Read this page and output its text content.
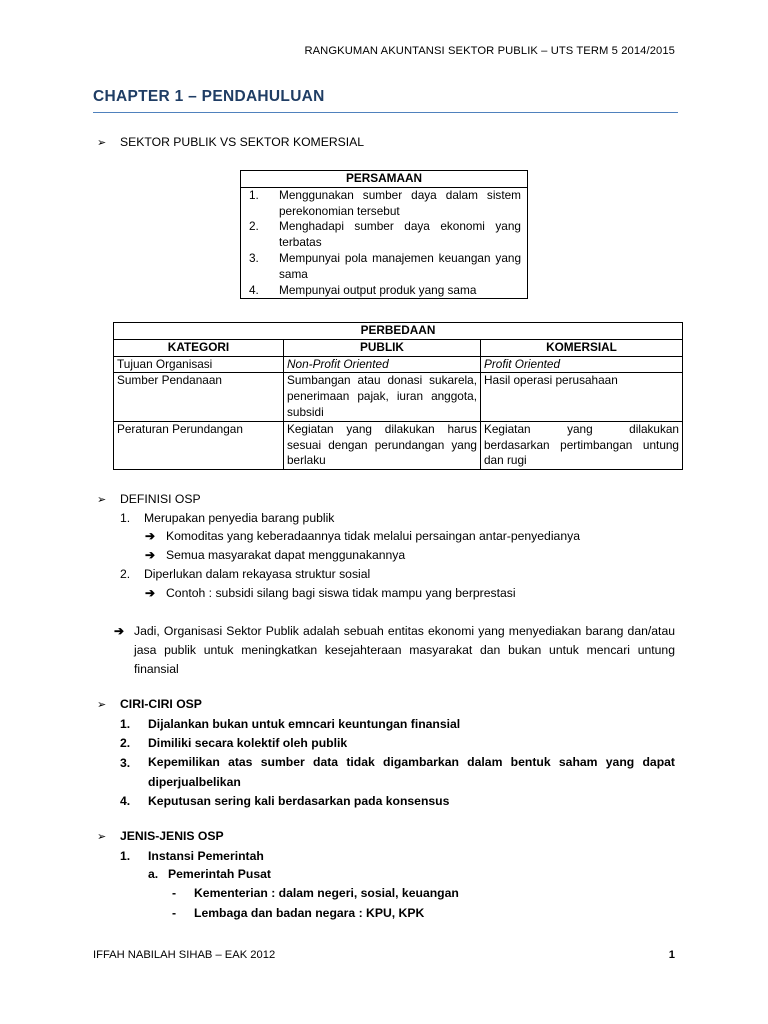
RANGKUMAN AKUNTANSI SEKTOR PUBLIK – UTS TERM 5 2014/2015
CHAPTER 1 – PENDAHULUAN
➢ SEKTOR PUBLIK VS SEKTOR KOMERSIAL
PERSAMAAN	
1.	Menggunakan sumber daya dalam sistem perekonomian tersebut
2.	Menghadapi sumber daya ekonomi yang terbatas
3.	Mempunyai pola manajemen keuangan yang sama
4.	Mempunyai output produk yang sama
PERBEDAAN		
KATEGORI	PUBLIK	KOMERSIAL
Tujuan Organisasi	Non-Profit Oriented	Profit Oriented
Sumber Pendanaan	Sumbangan atau donasi sukarela, penerimaan pajak, iuran anggota, subsidi	Hasil operasi perusahaan
Peraturan Perundangan	Kegiatan yang dilakukan harus sesuai dengan perundangan yang berlaku	Kegiatan yang dilakukan berdasarkan pertimbangan untung dan rugi
➢ DEFINISI OSP
1. Merupakan penyedia barang publik
➔ Komoditas yang keberadaannya tidak melalui persaingan antar-penyedianya
➔ Semua masyarakat dapat menggunakannya
2. Diperlukan dalam rekayasa struktur sosial
➔ Contoh : subsidi silang bagi siswa tidak mampu yang berprestasi
➔ Jadi, Organisasi Sektor Publik adalah sebuah entitas ekonomi yang menyediakan barang dan/atau jasa publik untuk meningkatkan kesejahteraan masyarakat dan bukan untuk mencari untung finansial
➢ CIRI-CIRI OSP
1. Dijalankan bukan untuk emncari keuntungan finansial
2. Dimiliki secara kolektif oleh publik
3. Kepemilikan atas sumber data tidak digambarkan dalam bentuk saham yang dapat diperjualbelikan
4. Keputusan sering kali berdasarkan pada konsensus
➢ JENIS-JENIS OSP
1. Instansi Pemerintah
a. Pemerintah Pusat
- Kementerian : dalam negeri, sosial, keuangan
- Lembaga dan badan negara : KPU, KPK
IFFAH NABILAH SIHAB – EAK 2012	1
